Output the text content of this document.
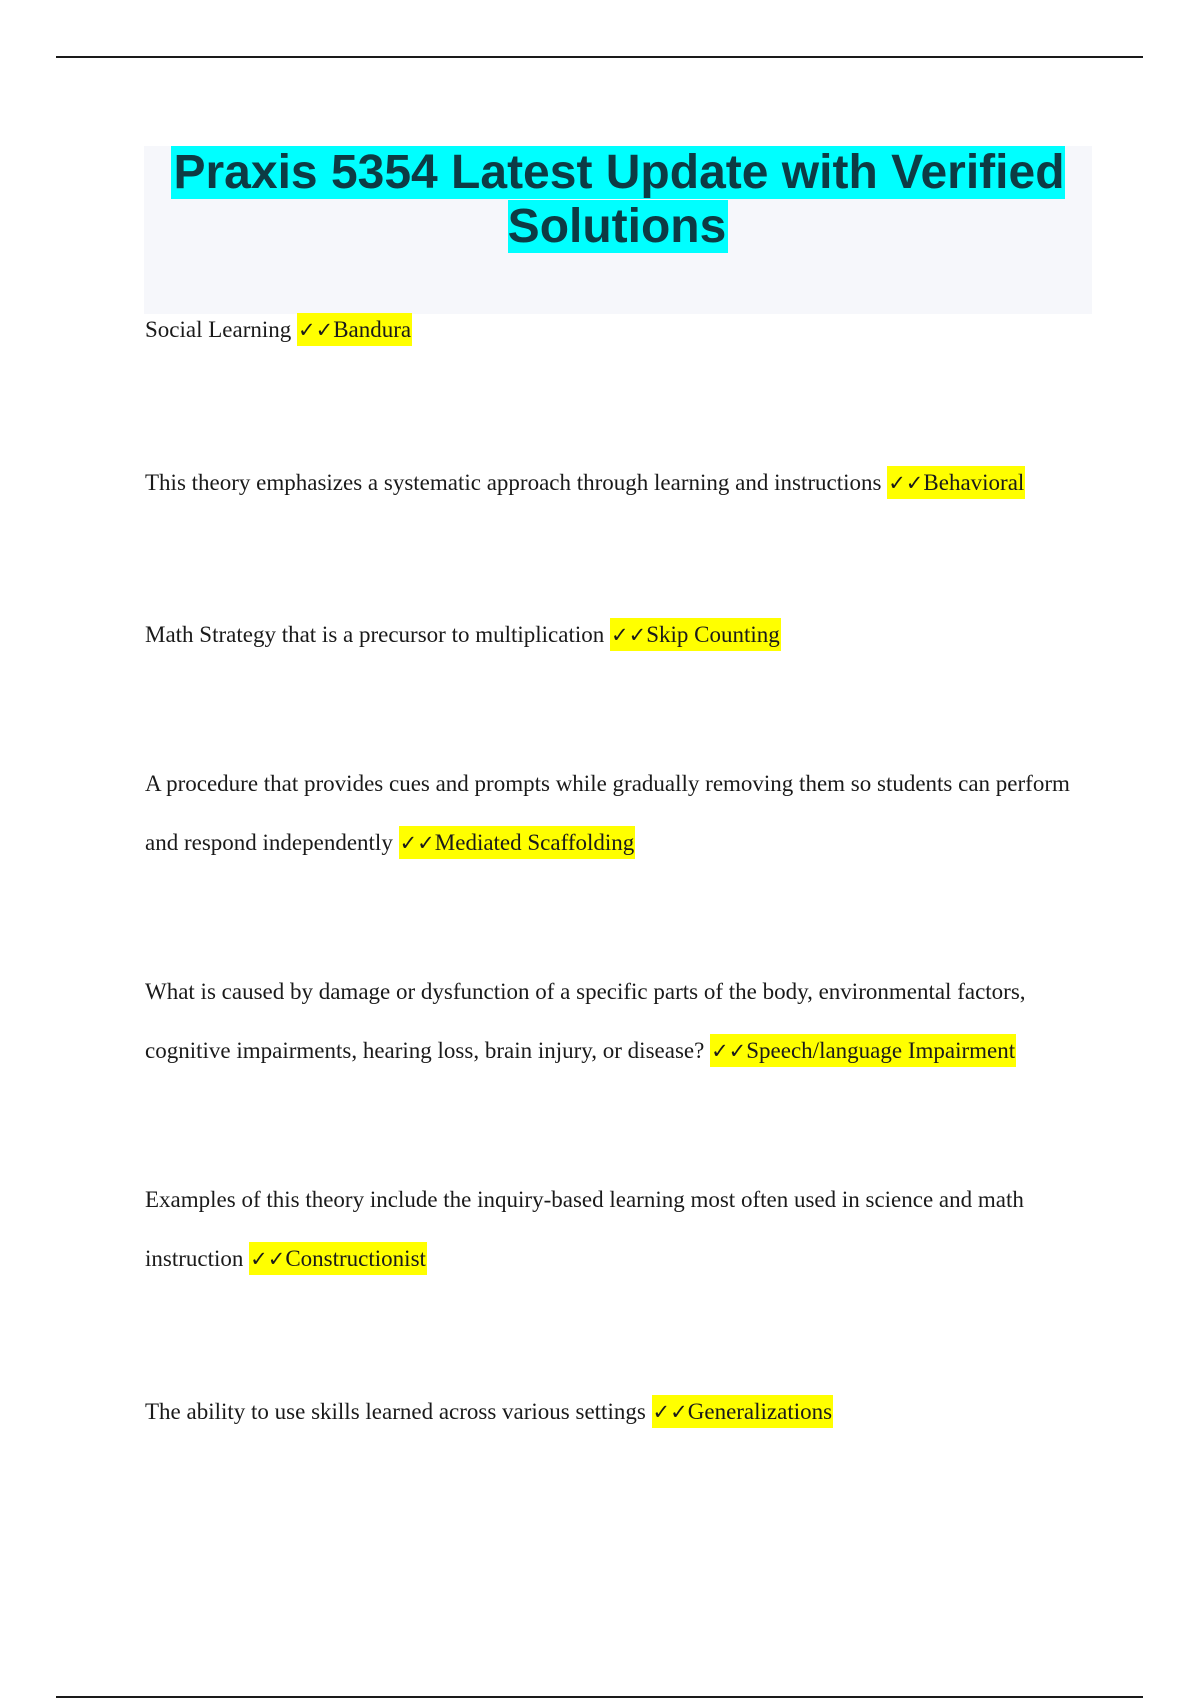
Praxis 5354 Latest Update with Verified Solutions

Social Learning ✓✓Bandura

This theory emphasizes a systematic approach through learning and instructions ✓✓Behavioral

Math Strategy that is a precursor to multiplication ✓✓Skip Counting

A procedure that provides cues and prompts while gradually removing them so students can perform and respond independently ✓✓Mediated Scaffolding

What is caused by damage or dysfunction of a specific parts of the body, environmental factors, cognitive impairments, hearing loss, brain injury, or disease? ✓✓Speech/language Impairment

Examples of this theory include the inquiry-based learning most often used in science and math instruction ✓✓Constructionist

The ability to use skills learned across various settings ✓✓Generalizations
